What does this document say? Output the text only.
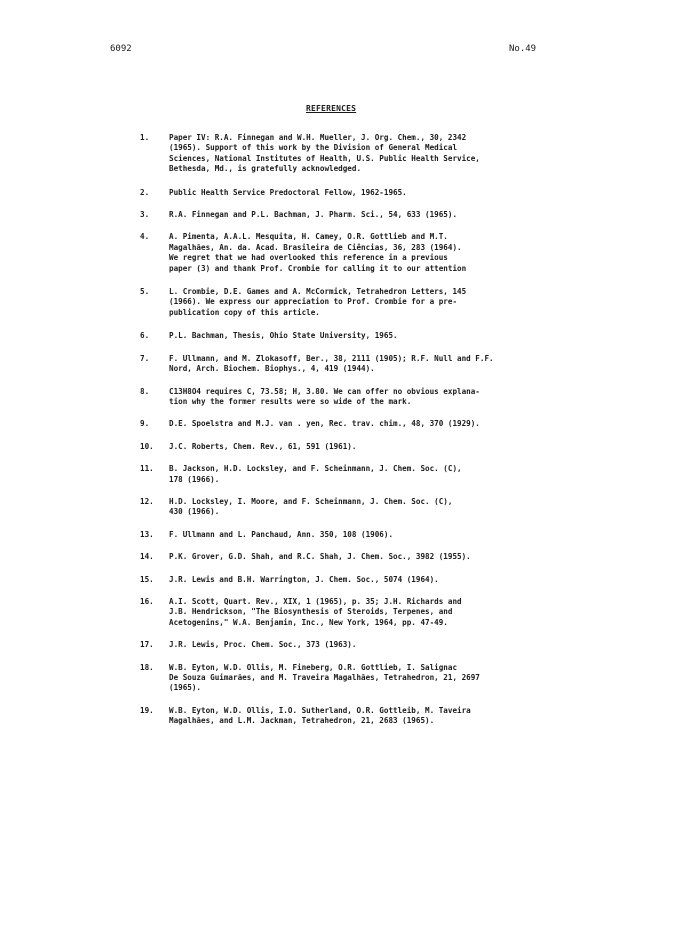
6092	No.49
REFERENCES
1.	Paper IV: R.A. Finnegan and W.H. Mueller, J. Org. Chem., 30, 2342
(1965). Support of this work by the Division of General Medical
Sciences, National Institutes of Health, U.S. Public Health Service,
Bethesda, Md., is gratefully acknowledged.
2.	Public Health Service Predoctoral Fellow, 1962-1965.
3.	R.A. Finnegan and P.L. Bachman, J. Pharm. Sci., 54, 633 (1965).
4.	A. Pimenta, A.A.L. Mesquita, H. Camey, O.R. Gottlieb and M.T.
Magalhães, An. da. Acad. Brasileira de Ciências, 36, 283 (1964).
We regret that we had overlooked this reference in a previous
paper (3) and thank Prof. Crombie for calling it to our attention
5.	L. Crombie, D.E. Games and A. McCormick, Tetrahedron Letters, 145
(1966). We express our appreciation to Prof. Crombie for a pre-
publication copy of this article.
6.	P.L. Bachman, Thesis, Ohio State University, 1965.
7.	F. Ullmann, and M. Zlokasoff, Ber., 38, 2111 (1905); R.F. Null and F.F.
Nord, Arch. Biochem. Biophys., 4, 419 (1944).
8.	C13H8O4 requires C, 73.58; H, 3.80. We can offer no obvious explana-
tion why the former results were so wide of the mark.
9.	D.E. Spoelstra and M.J. van . yen, Rec. trav. chim., 48, 370 (1929).
10.	J.C. Roberts, Chem. Rev., 61, 591 (1961).
11.	B. Jackson, H.D. Locksley, and F. Scheinmann, J. Chem. Soc. (C),
178 (1966).
12.	H.D. Locksley, I. Moore, and F. Scheinmann, J. Chem. Soc. (C),
430 (1966).
13.	F. Ullmann and L. Panchaud, Ann. 350, 108 (1906).
14.	P.K. Grover, G.D. Shah, and R.C. Shah, J. Chem. Soc., 3982 (1955).
15.	J.R. Lewis and B.H. Warrington, J. Chem. Soc., 5074 (1964).
16.	A.I. Scott, Quart. Rev., XIX, 1 (1965), p. 35; J.H. Richards and
J.B. Hendrickson, "The Biosynthesis of Steroids, Terpenes, and
Acetogenins," W.A. Benjamin, Inc., New York, 1964, pp. 47-49.
17.	J.R. Lewis, Proc. Chem. Soc., 373 (1963).
18.	W.B. Eyton, W.D. Ollis, M. Fineberg, O.R. Gottlieb, I. Salignac
De Souza Guimarães, and M. Traveira Magalhães, Tetrahedron, 21, 2697
(1965).
19.	W.B. Eyton, W.D. Ollis, I.O. Sutherland, O.R. Gottleib, M. Taveira
Magalhães, and L.M. Jackman, Tetrahedron, 21, 2683 (1965).
